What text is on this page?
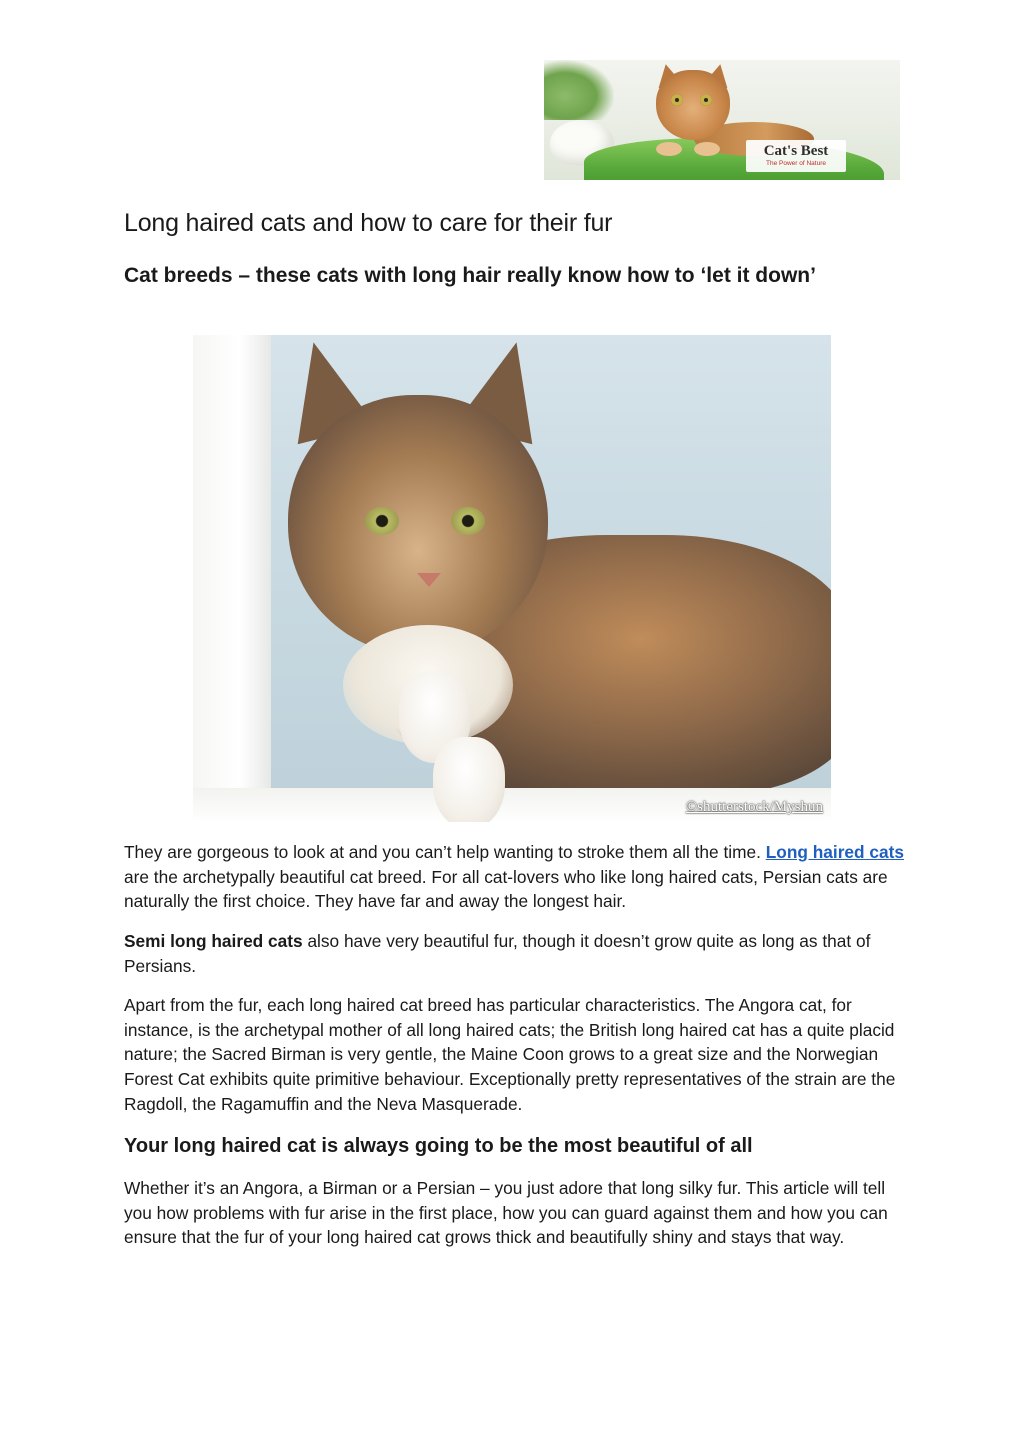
Cat's Best
The Power of Nature
Long haired cats and how to care for their fur
Cat breeds – these cats with long hair really know how to ‘let it down’
©shutterstock/Myshun

They are gorgeous to look at and you can’t help wanting to stroke them all the time. Long haired cats are the archetypally beautiful cat breed. For all cat-lovers who like long haired cats, Persian cats are naturally the first choice. They have far and away the longest hair.

Semi long haired cats also have very beautiful fur, though it doesn’t grow quite as long as that of Persians.

Apart from the fur, each long haired cat breed has particular characteristics. The Angora cat, for instance, is the archetypal mother of all long haired cats; the British long haired cat has a quite placid nature; the Sacred Birman is very gentle, the Maine Coon grows to a great size and the Norwegian Forest Cat exhibits quite primitive behaviour. Exceptionally pretty representatives of the strain are the Ragdoll, the Ragamuffin and the Neva Masquerade.

Your long haired cat is always going to be the most beautiful of all

Whether it’s an Angora, a Birman or a Persian – you just adore that long silky fur. This article will tell you how problems with fur arise in the first place, how you can guard against them and how you can ensure that the fur of your long haired cat grows thick and beautifully shiny and stays that way.
